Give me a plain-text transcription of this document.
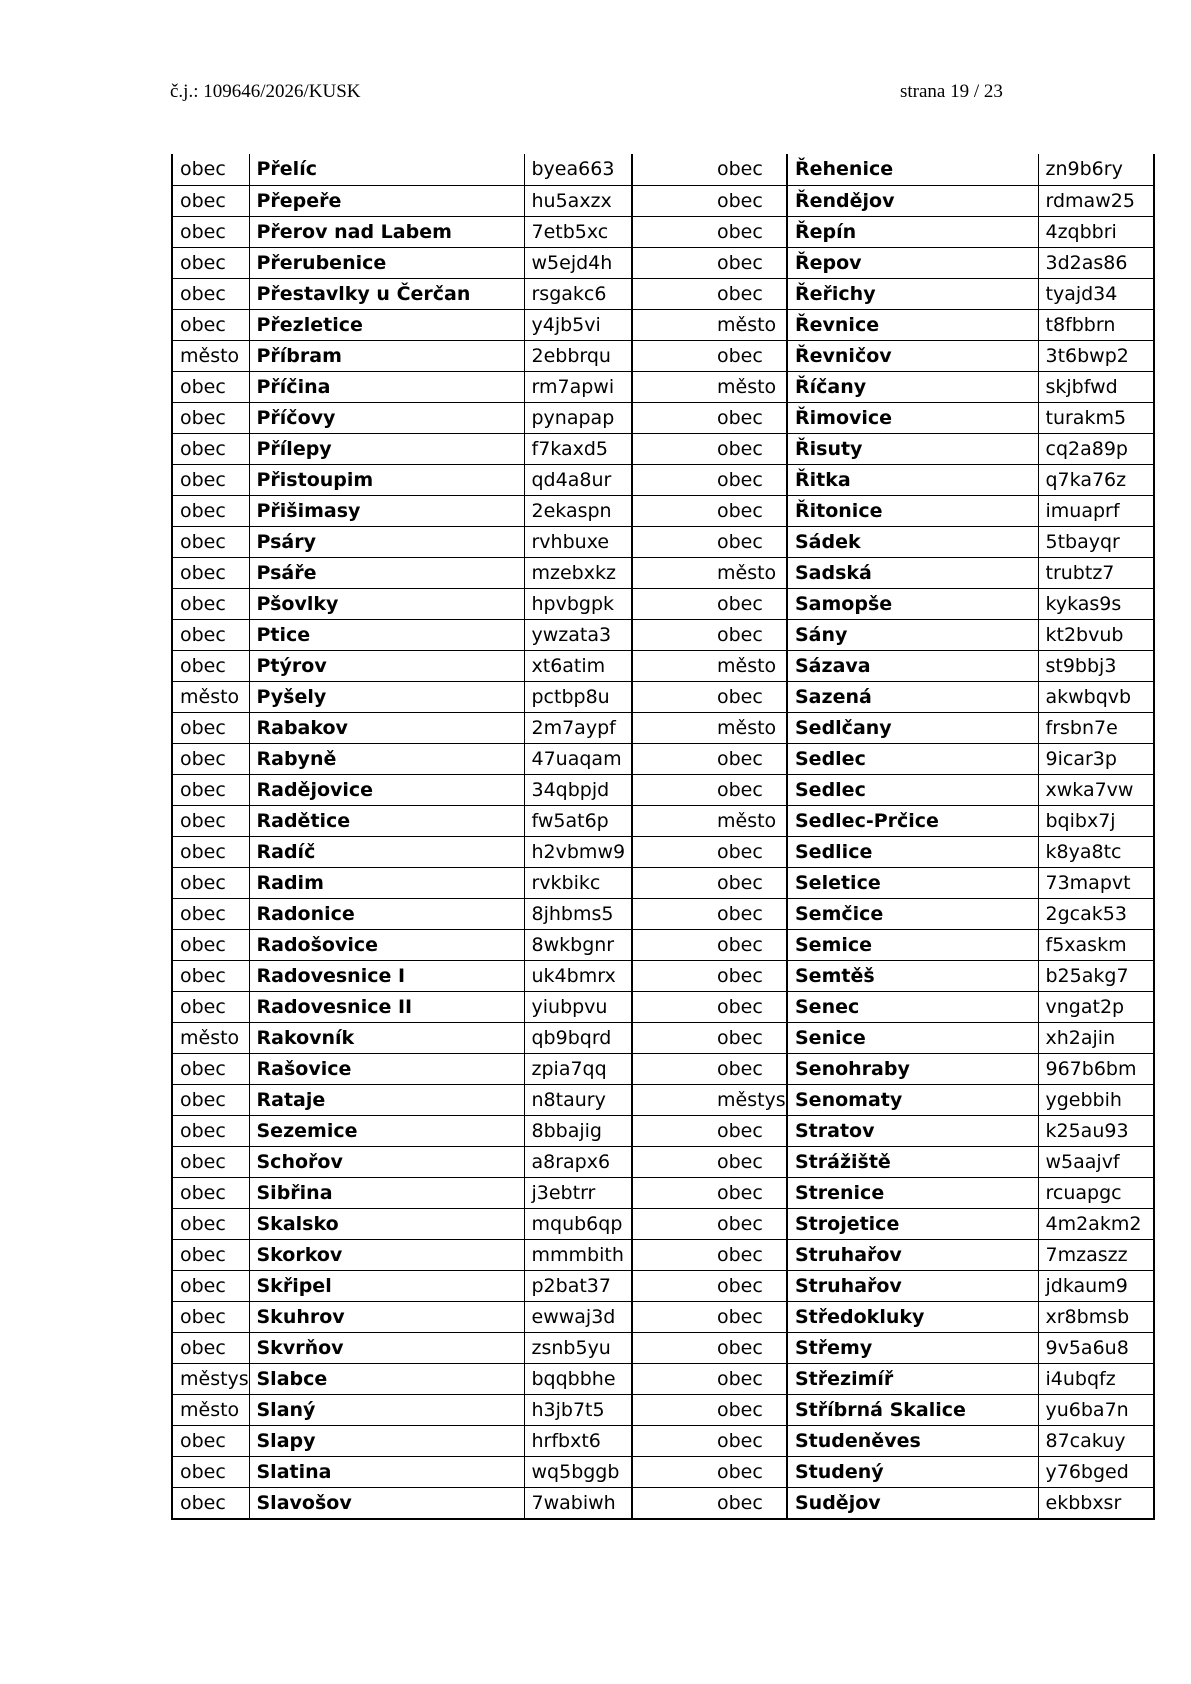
č.j.: 109646/2026/KUSK	strana 19 / 23
obec	Přelíc	byea663		obec	Řehenice	zn9b6ry
obec	Přepeře	hu5axzx		obec	Řendějov	rdmaw25
obec	Přerov nad Labem	7etb5xc		obec	Řepín	4zqbbri
obec	Přerubenice	w5ejd4h		obec	Řepov	3d2as86
obec	Přestavlky u Čerčan	rsgakc6		obec	Řeřichy	tyajd34
obec	Přezletice	y4jb5vi		město	Řevnice	t8fbbrn
město	Příbram	2ebbrqu		obec	Řevničov	3t6bwp2
obec	Příčina	rm7apwi		město	Říčany	skjbfwd
obec	Příčovy	pynapap		obec	Řimovice	turakm5
obec	Přílepy	f7kaxd5		obec	Řisuty	cq2a89p
obec	Přistoupim	qd4a8ur		obec	Řitka	q7ka76z
obec	Přišimasy	2ekaspn		obec	Řitonice	imuaprf
obec	Psáry	rvhbuxe		obec	Sádek	5tbayqr
obec	Psáře	mzebxkz		město	Sadská	trubtz7
obec	Pšovlky	hpvbgpk		obec	Samopše	kykas9s
obec	Ptice	ywzata3		obec	Sány	kt2bvub
obec	Ptýrov	xt6atim		město	Sázava	st9bbj3
město	Pyšely	pctbp8u		obec	Sazená	akwbqvb
obec	Rabakov	2m7aypf		město	Sedlčany	frsbn7e
obec	Rabyně	47uaqam		obec	Sedlec	9icar3p
obec	Radějovice	34qbpjd		obec	Sedlec	xwka7vw
obec	Radětice	fw5at6p		město	Sedlec-Prčice	bqibx7j
obec	Radíč	h2vbmw9		obec	Sedlice	k8ya8tc
obec	Radim	rvkbikc		obec	Seletice	73mapvt
obec	Radonice	8jhbms5		obec	Semčice	2gcak53
obec	Radošovice	8wkbgnr		obec	Semice	f5xaskm
obec	Radovesnice I	uk4bmrx		obec	Semtěš	b25akg7
obec	Radovesnice II	yiubpvu		obec	Senec	vngat2p
město	Rakovník	qb9bqrd		obec	Senice	xh2ajin
obec	Rašovice	zpia7qq		obec	Senohraby	967b6bm
obec	Rataje	n8taury		městys	Senomaty	ygebbih
obec	Sezemice	8bbajig		obec	Stratov	k25au93
obec	Schořov	a8rapx6		obec	Strážiště	w5aajvf
obec	Sibřina	j3ebtrr		obec	Strenice	rcuapgc
obec	Skalsko	mqub6qp		obec	Strojetice	4m2akm2
obec	Skorkov	mmmbith		obec	Struhařov	7mzaszz
obec	Skřipel	p2bat37		obec	Struhařov	jdkaum9
obec	Skuhrov	ewwaj3d		obec	Středokluky	xr8bmsb
obec	Skvrňov	zsnb5yu		obec	Střemy	9v5a6u8
městys	Slabce	bqqbbhe		obec	Střezimíř	i4ubqfz
město	Slaný	h3jb7t5		obec	Stříbrná Skalice	yu6ba7n
obec	Slapy	hrfbxt6		obec	Studeněves	87cakuy
obec	Slatina	wq5bggb		obec	Studený	y76bged
obec	Slavošov	7wabiwh		obec	Sudějov	ekbbxsr
